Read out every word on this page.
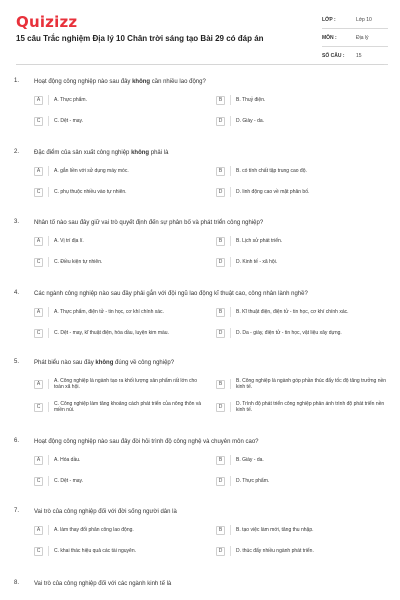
Quizizz
15 câu Trắc nghiệm Địa lý 10 Chân trời sáng tạo Bài 29 có đáp án
LỚP :	Lớp 10
MÔN :	Địa lý
SỐ CÂU :	15
1. Hoạt động công nghiệp nào sau đây không cần nhiều lao động?
A	A. Thực phẩm.	B	B. Thuỷ điện.
C	C. Dệt - may.	D	D. Giày - da.
2. Đặc điểm của sản xuất công nghiệp không phải là
A	A. gắn liền với sử dụng máy móc.	B	B. có tính chất tập trung cao độ.
C	C. phụ thuộc nhiều vào tự nhiên.	D	D. linh động cao về mặt phân bố.
3. Nhân tố nào sau đây giữ vai trò quyết định đến sự phân bố và phát triển công nghiệp?
A	A. Vị trí địa lí.	B	B. Lịch sử phát triển.
C	C. Điều kiện tự nhiên.	D	D. Kinh tế - xã hội.
4. Các ngành công nghiệp nào sau đây phải gắn với đội ngũ lao động kĩ thuật cao, công nhân lành nghề?
A	A. Thực phẩm, điện tử - tin học, cơ khí chính xác.	B	B. Kĩ thuật điện, điện tử - tin học, cơ khí chính xác.
C	C. Dệt - may, kĩ thuật điện, hóa dầu, luyện kim màu.	D	D. Da - giày, điện tử - tin học, vật liệu xây dựng.
5. Phát biểu nào sau đây không đúng về công nghiệp?
A	A. Công nghiệp là ngành tạo ra khối lượng sản phẩm rất lớn cho toàn xã hội.	B	B. Công nghiệp là ngành góp phần thúc đẩy tốc độ tăng trưởng nền kinh tế.
C	C. Công nghiệp làm tăng khoảng cách phát triển của nông thôn và miền núi.	D	D. Trình độ phát triển công nghiệp phản ánh trình độ phát triển nền kinh tế.
6. Hoạt động công nghiệp nào sau đây đòi hỏi trình độ công nghệ và chuyên môn cao?
A	A. Hóa dầu.	B	B. Giày - da.
C	C. Dệt - may.	D	D. Thực phẩm.
7. Vai trò của công nghiệp đối với đời sống người dân là
A	A. làm thay đổi phân công lao động.	B	B. tạo việc làm mới, tăng thu nhập.
C	C. khai thác hiệu quả các tài nguyên.	D	D. thúc đẩy nhiều ngành phát triển.
8. Vai trò của công nghiệp đối với các ngành kinh tế là
